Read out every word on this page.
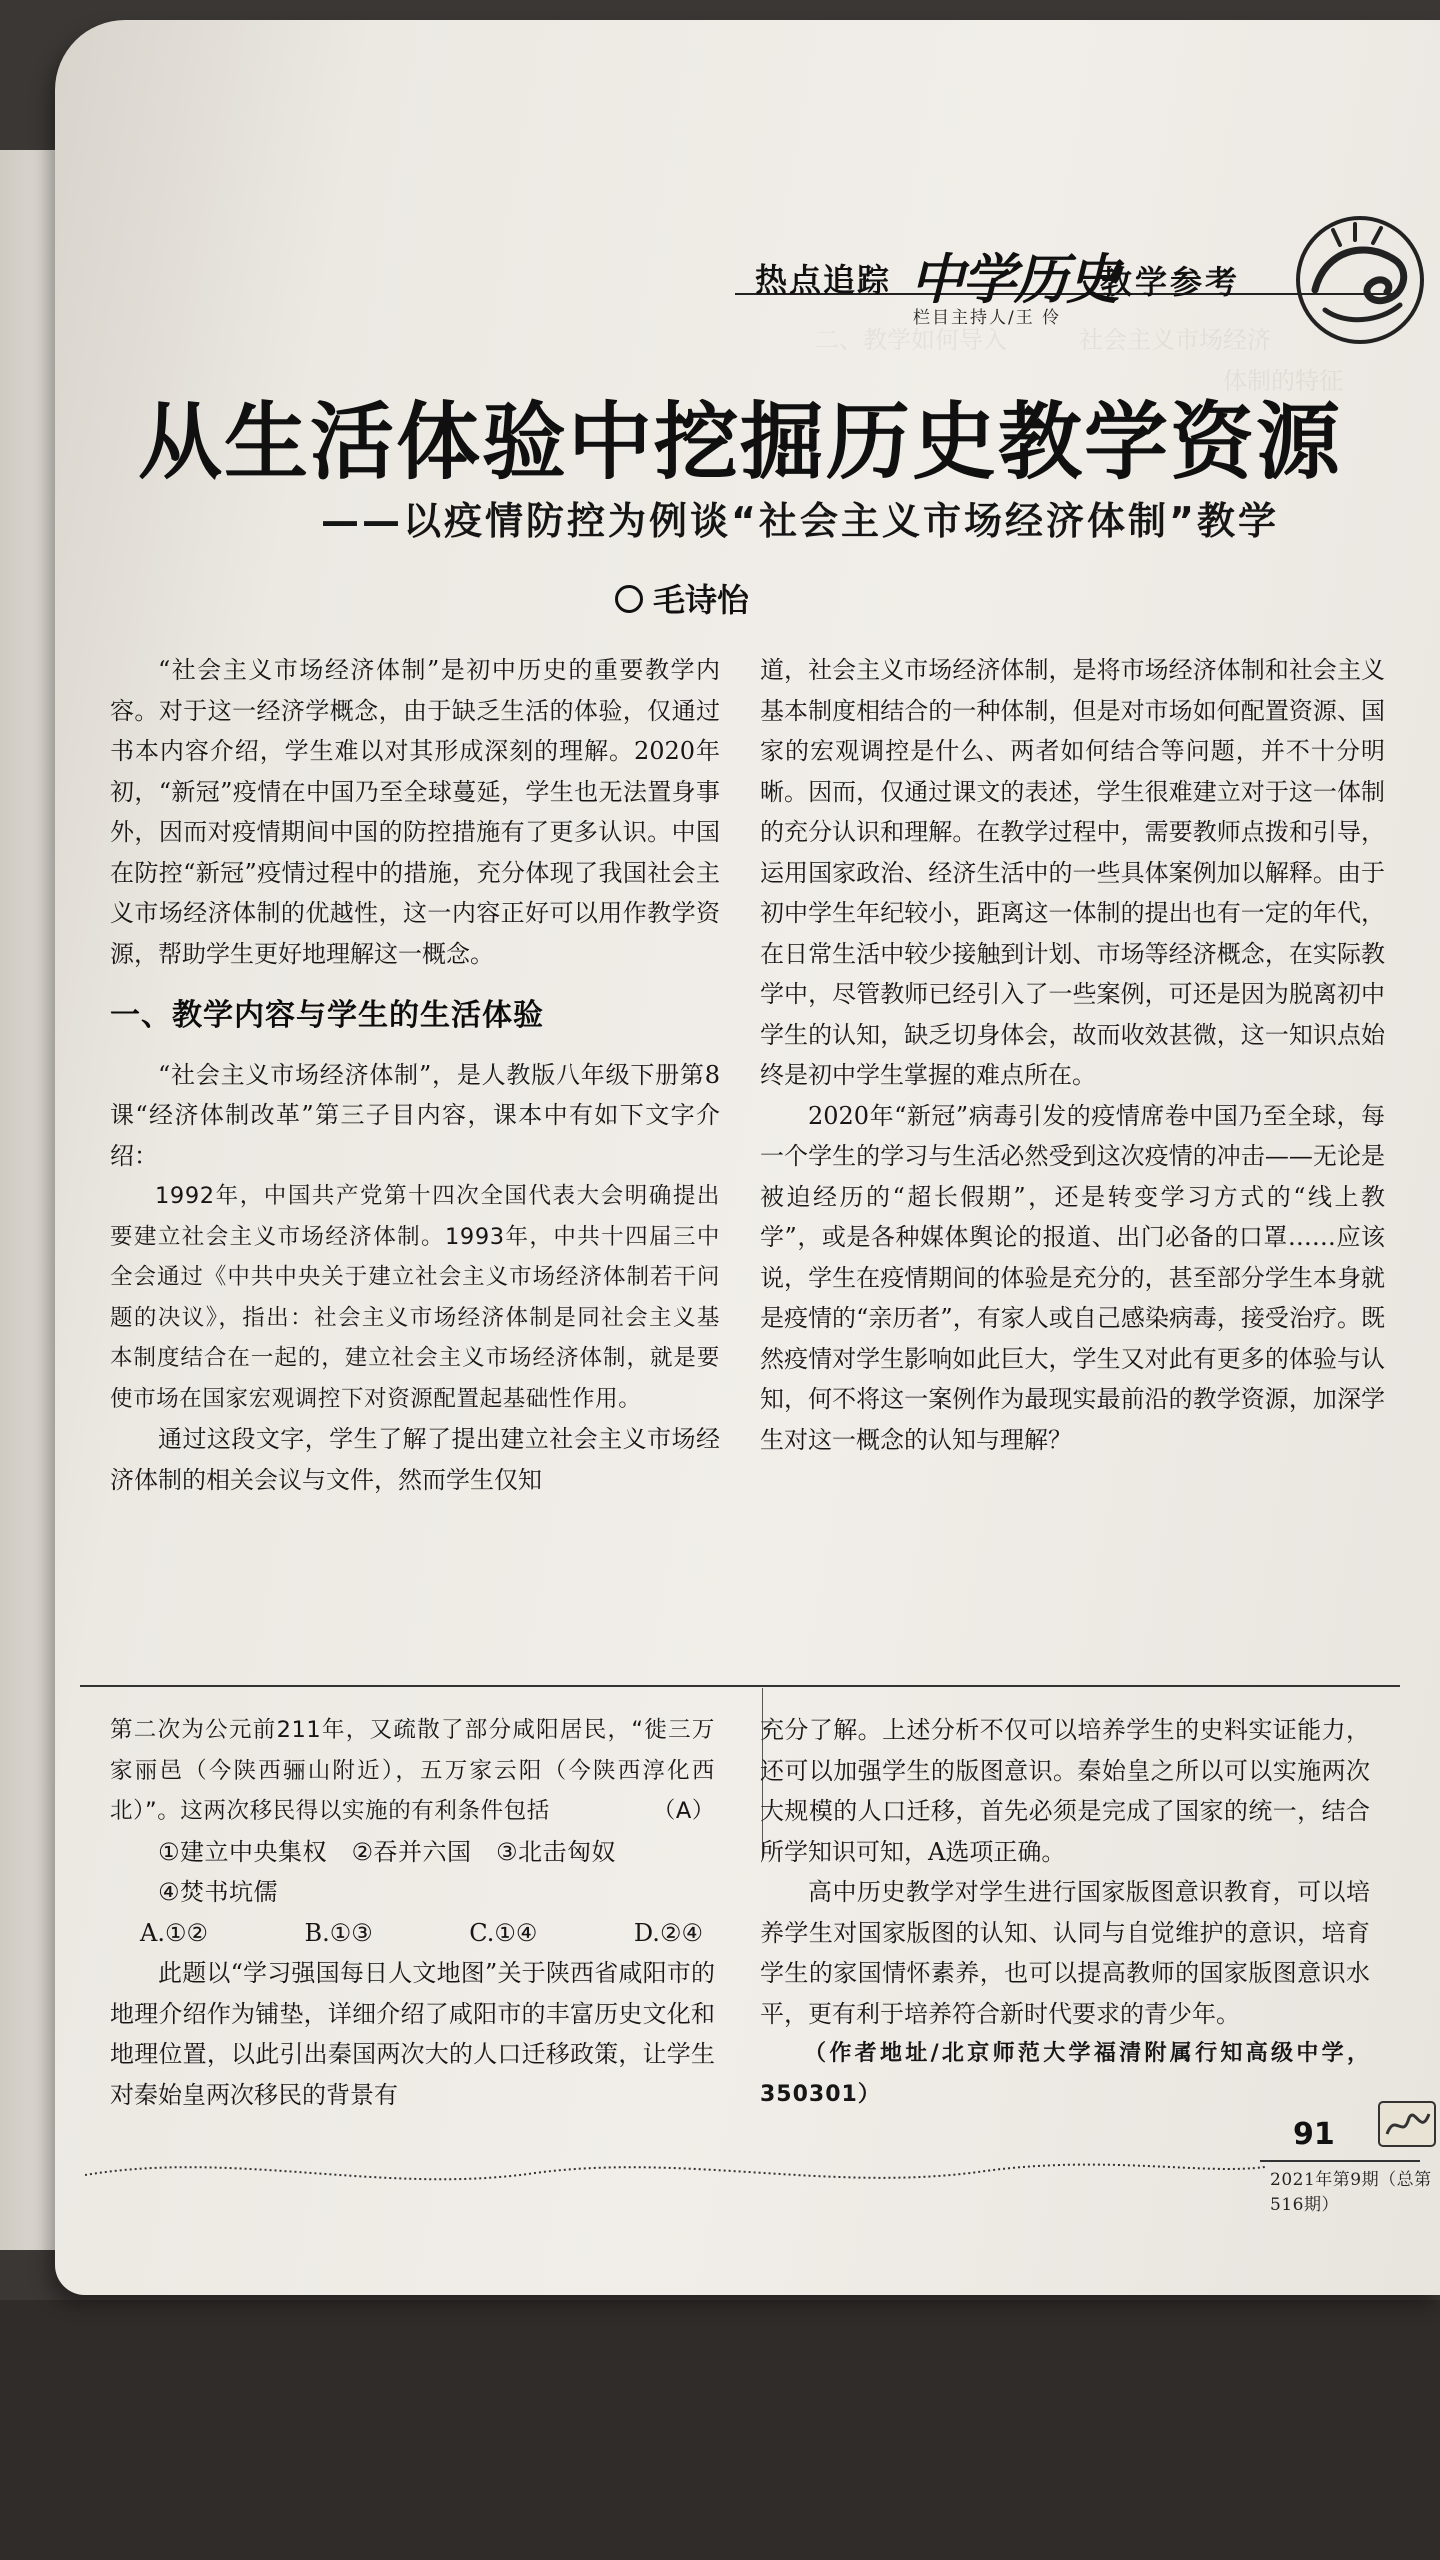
二、教学如何导入　　　社会主义市场经济
　　　　　　　　　　　　　　　　　体制的特征
热点追踪 中学历史
教学参考
栏目主持人/王 伶
从生活体验中挖掘历史教学资源
——以疫情防控为例谈“社会主义市场经济体制”教学
毛诗怡

“社会主义市场经济体制”是初中历史的重要教学内容。对于这一经济学概念，由于缺乏生活的体验，仅通过书本内容介绍，学生难以对其形成深刻的理解。2020年初，“新冠”疫情在中国乃至全球蔓延，学生也无法置身事外，因而对疫情期间中国的防控措施有了更多认识。中国在防控“新冠”疫情过程中的措施，充分体现了我国社会主义市场经济体制的优越性，这一内容正好可以用作教学资源，帮助学生更好地理解这一概念。

一、教学内容与学生的生活体验

“社会主义市场经济体制”，是人教版八年级下册第8课“经济体制改革”第三子目内容，课本中有如下文字介绍：

1992年，中国共产党第十四次全国代表大会明确提出要建立社会主义市场经济体制。1993年，中共十四届三中全会通过《中共中央关于建立社会主义市场经济体制若干问题的决议》，指出：社会主义市场经济体制是同社会主义基本制度结合在一起的，建立社会主义市场经济体制，就是要使市场在国家宏观调控下对资源配置起基础性作用。

通过这段文字，学生了解了提出建立社会主义市场经济体制的相关会议与文件，然而学生仅知

道，社会主义市场经济体制，是将市场经济体制和社会主义基本制度相结合的一种体制，但是对市场如何配置资源、国家的宏观调控是什么、两者如何结合等问题，并不十分明晰。因而，仅通过课文的表述，学生很难建立对于这一体制的充分认识和理解。在教学过程中，需要教师点拨和引导，运用国家政治、经济生活中的一些具体案例加以解释。由于初中学生年纪较小，距离这一体制的提出也有一定的年代，在日常生活中较少接触到计划、市场等经济概念，在实际教学中，尽管教师已经引入了一些案例，可还是因为脱离初中学生的认知，缺乏切身体会，故而收效甚微，这一知识点始终是初中学生掌握的难点所在。

2020年“新冠”病毒引发的疫情席卷中国乃至全球，每一个学生的学习与生活必然受到这次疫情的冲击——无论是被迫经历的“超长假期”，还是转变学习方式的“线上教学”，或是各种媒体舆论的报道、出门必备的口罩……应该说，学生在疫情期间的体验是充分的，甚至部分学生本身就是疫情的“亲历者”，有家人或自己感染病毒，接受治疗。既然疫情对学生影响如此巨大，学生又对此有更多的体验与认知，何不将这一案例作为最现实最前沿的教学资源，加深学生对这一概念的认知与理解？

第二次为公元前211年，又疏散了部分咸阳居民，“徙三万家丽邑（今陕西骊山附近），五万家云阳（今陕西淳化西北）”。这两次移民得以实施的有利条件包括	（A）

①建立中央集权　②吞并六国　③北击匈奴

④焚书坑儒

A.①②	B.①③	C.①④	D.②④

此题以“学习强国每日人文地图”关于陕西省咸阳市的地理介绍作为铺垫，详细介绍了咸阳市的丰富历史文化和地理位置，以此引出秦国两次大的人口迁移政策，让学生对秦始皇两次移民的背景有

充分了解。上述分析不仅可以培养学生的史料实证能力，还可以加强学生的版图意识。秦始皇之所以可以实施两次大规模的人口迁移，首先必须是完成了国家的统一，结合所学知识可知，A选项正确。

高中历史教学对学生进行国家版图意识教育，可以培养学生对国家版图的认知、认同与自觉维护的意识，培育学生的家国情怀素养，也可以提高教师的国家版图意识水平，更有利于培养符合新时代要求的青少年。

（作者地址/北京师范大学福清附属行知高级中学，350301）

91
2021年第9期（总第516期）
